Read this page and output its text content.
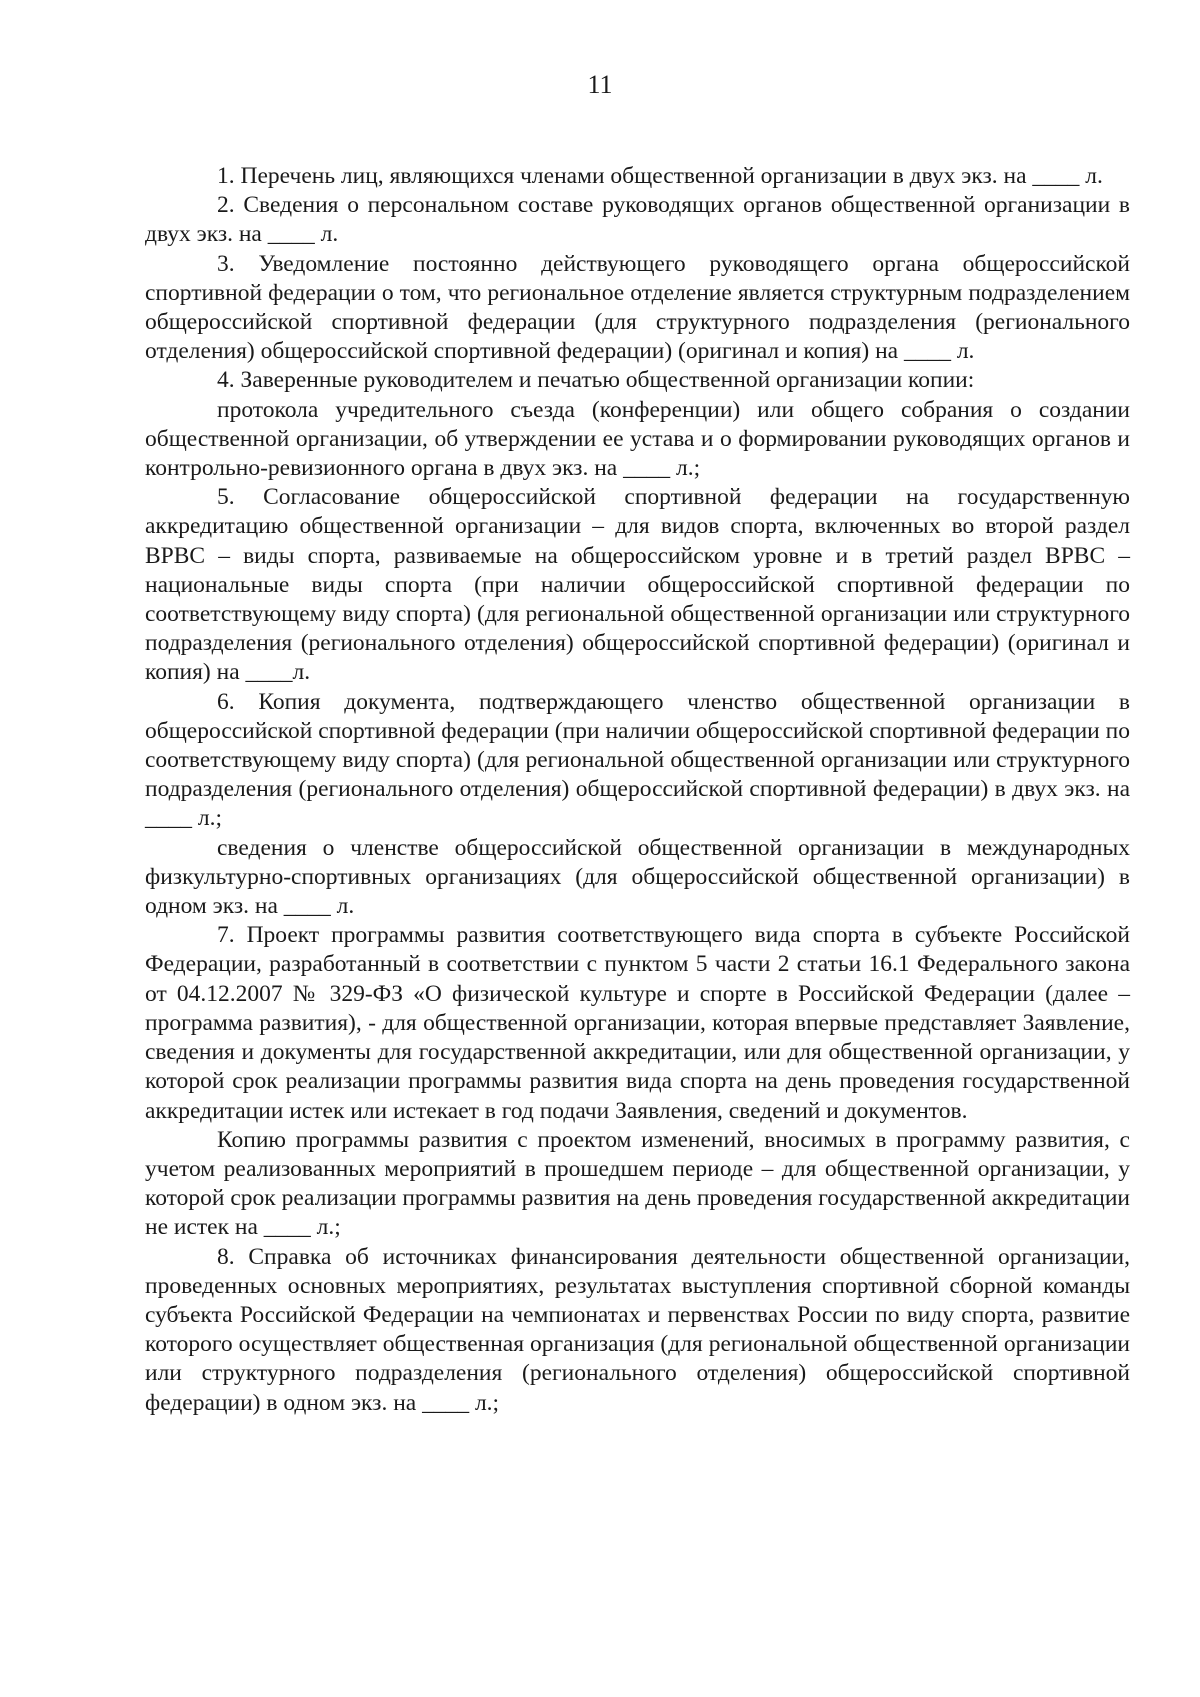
11

1. Перечень лиц, являющихся членами общественной организации в двух экз. на ____ л.

2. Сведения о персональном составе руководящих органов общественной организации в двух экз. на ____ л.

3. Уведомление постоянно действующего руководящего органа общероссийской спортивной федерации о том, что региональное отделение является структурным подразделением общероссийской спортивной федерации (для структурного подразделения (регионального отделения) общероссийской спортивной федерации) (оригинал и копия) на ____ л.

4. Заверенные руководителем и печатью общественной организации копии:

протокола учредительного съезда (конференции) или общего собрания о создании общественной организации, об утверждении ее устава и о формировании руководящих органов и контрольно-ревизионного органа в двух экз. на ____ л.;

5. Согласование общероссийской спортивной федерации на государственную аккредитацию общественной организации – для видов спорта, включенных во второй раздел ВРВС – виды спорта, развиваемые на общероссийском уровне и в третий раздел ВРВС – национальные виды спорта (при наличии общероссийской спортивной федерации по соответствующему виду спорта) (для региональной общественной организации или структурного подразделения (регионального отделения) общероссийской спортивной федерации) (оригинал и копия) на ____л.

6. Копия документа, подтверждающего членство общественной организации в общероссийской спортивной федерации (при наличии общероссийской спортивной федерации по соответствующему виду спорта) (для региональной общественной организации или структурного подразделения (регионального отделения) общероссийской спортивной федерации) в двух экз. на ____ л.;

сведения о членстве общероссийской общественной организации в международных физкультурно-спортивных организациях (для общероссийской общественной организации) в одном экз. на ____ л.

7. Проект программы развития соответствующего вида спорта в субъекте Российской Федерации, разработанный в соответствии с пунктом 5 части 2 статьи 16.1 Федерального закона от 04.12.2007 № 329-ФЗ «О физической культуре и спорте в Российской Федерации (далее – программа развития), - для общественной организации, которая впервые представляет Заявление, сведения и документы для государственной аккредитации, или для общественной организации, у которой срок реализации программы развития вида спорта на день проведения государственной аккредитации истек или истекает в год подачи Заявления, сведений и документов.

Копию программы развития с проектом изменений, вносимых в программу развития, с учетом реализованных мероприятий в прошедшем периоде – для общественной организации, у которой срок реализации программы развития на день проведения государственной аккредитации не истек на ____ л.;

8. Справка об источниках финансирования деятельности общественной организации, проведенных основных мероприятиях, результатах выступления спортивной сборной команды субъекта Российской Федерации на чемпионатах и первенствах России по виду спорта, развитие которого осуществляет общественная организация (для региональной общественной организации или структурного подразделения (регионального отделения) общероссийской спортивной федерации) в одном экз. на ____ л.;
